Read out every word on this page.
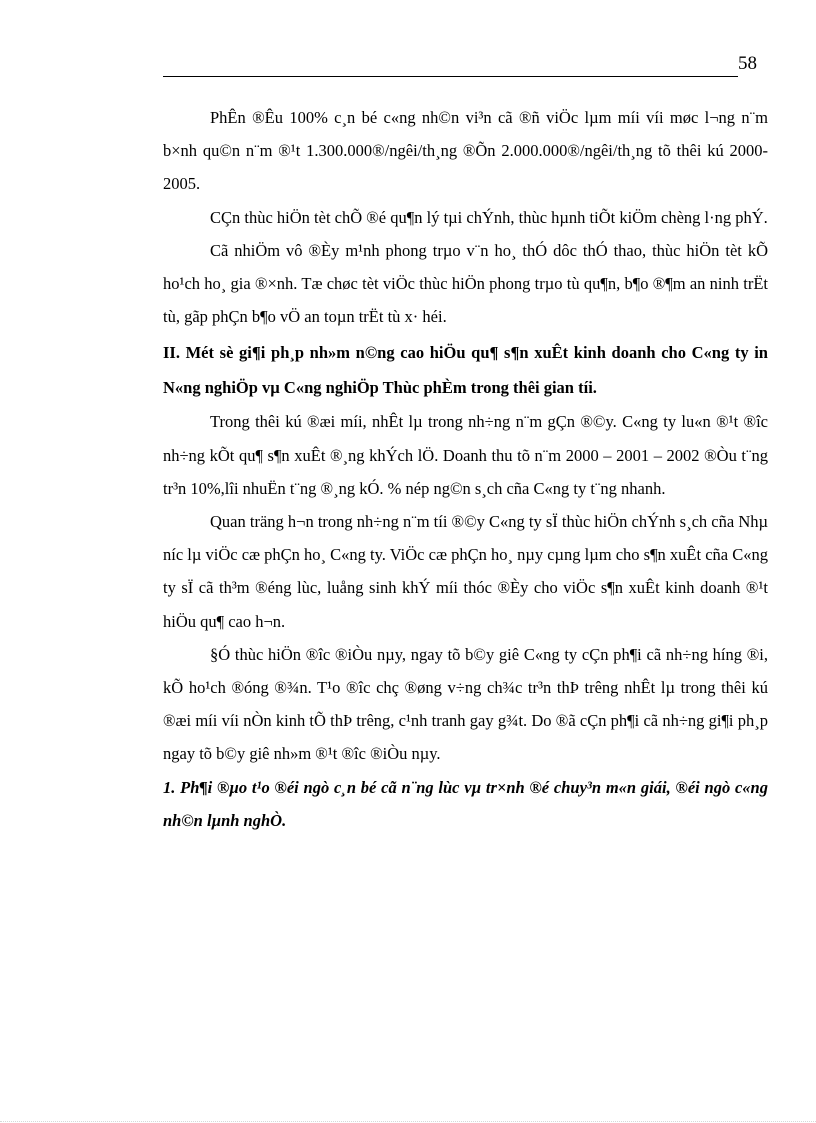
58

PhÊn ®Êu 100% c¸n bé c«ng nh©n vi³n cã ®ñ viÖc lµm míi víi møc l¬ng n¨m b×nh qu©n n¨m ®¹t 1.300.000®/ngêi/th¸ng ®Õn 2.000.000®/ngêi/th¸ng tõ thêi kú 2000-2005.

CÇn thùc hiÖn tèt chÕ ®é qu¶n lý tµi chÝnh, thùc hµnh tiÕt kiÖm chèng l·ng phÝ.

Cã nhiÖm vô ®Èy m¹nh phong trµo v¨n ho¸ thÓ dôc thÓ thao, thùc hiÖn tèt kÕ ho¹ch ho¸ gia ®×nh. Tæ chøc tèt viÖc thùc hiÖn phong trµo tù qu¶n, b¶o ®¶m an ninh trËt tù, gãp phÇn b¶o vÖ an toµn trËt tù x· héi.

II. Mét sè gi¶i ph¸p nh»m n©ng cao hiÖu qu¶ s¶n xuÊt kinh doanh cho C«ng ty in N«ng nghiÖp vµ C«ng nghiÖp Thùc phÈm trong thêi gian tíi.

Trong thêi kú ®æi míi, nhÊt lµ trong nh÷ng n¨m gÇn ®©y. C«ng ty lu«n ®¹t ®îc nh÷ng kÕt qu¶ s¶n xuÊt ®¸ng khÝch lÖ. Doanh thu tõ n¨m 2000 – 2001 – 2002 ®Òu t¨ng tr³n 10%,lîi nhuËn t¨ng ®¸ng kÓ. % nép ng©n s¸ch cña C«ng ty t¨ng nhanh.

Quan träng h¬n trong nh÷ng n¨m tíi ®©y C«ng ty sÏ thùc hiÖn chÝnh s¸ch cña Nhµ níc lµ viÖc cæ phÇn ho¸ C«ng ty. ViÖc cæ phÇn ho¸ nµy cµng lµm cho s¶n xuÊt cña C«ng ty sÏ cã th³m ®éng lùc, luång sinh khÝ míi thóc ®Èy cho viÖc s¶n xuÊt kinh doanh ®¹t hiÖu qu¶ cao h¬n.

§Ó thùc hiÖn ®îc ®iÒu nµy, ngay tõ b©y giê C«ng ty cÇn ph¶i cã nh÷ng híng ®i, kÕ ho¹ch ®óng ®¾n. T¹o ®îc chç ®øng v÷ng ch¾c tr³n thÞ trêng nhÊt lµ trong thêi kú ®æi míi víi nÒn kinh tÕ thÞ trêng, c¹nh tranh gay g¾t. Do ®ã cÇn ph¶i cã nh÷ng gi¶i ph¸p ngay tõ b©y giê nh»m ®¹t ®îc ®iÒu nµy.

1. Ph¶i ®µo t¹o ®éi ngò c¸n bé cã n¨ng lùc vµ tr×nh ®é chuy³n m«n giái, ®éi ngò c«ng nh©n lµnh nghÒ.
